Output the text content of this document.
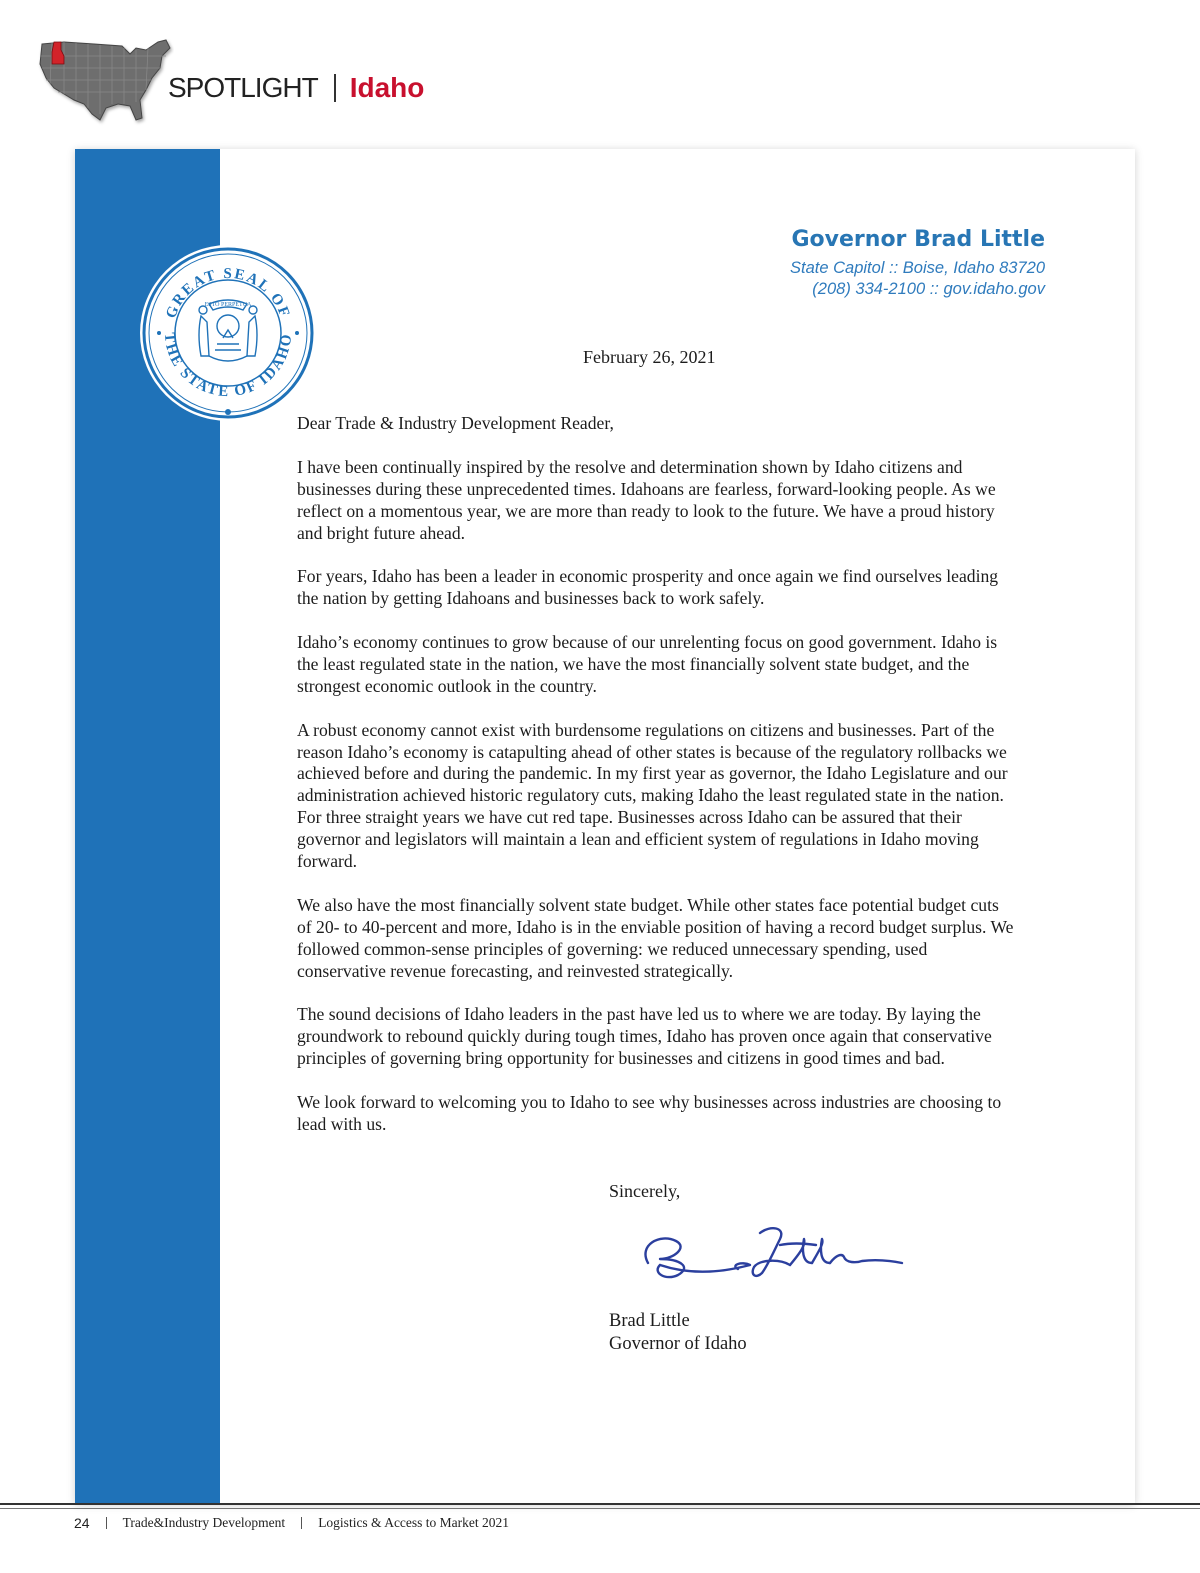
SPOTLIGHT Idaho
GREAT SEAL OF
THE STATE OF IDAHO
ESTO PERPETUA
Governor Brad Little
State Capitol :: Boise, Idaho 83720
(208) 334-2100 :: gov.idaho.gov
February 26, 2021

Dear Trade & Industry Development Reader,

I have been continually inspired by the resolve and determination shown by Idaho citizens and businesses during these unprecedented times. Idahoans are fearless, forward-looking people. As we reflect on a momentous year, we are more than ready to look to the future. We have a proud history and bright future ahead.

For years, Idaho has been a leader in economic prosperity and once again we find ourselves leading the nation by getting Idahoans and businesses back to work safely.

Idaho’s economy continues to grow because of our unrelenting focus on good government. Idaho is the least regulated state in the nation, we have the most financially solvent state budget, and the strongest economic outlook in the country.

A robust economy cannot exist with burdensome regulations on citizens and businesses. Part of the reason Idaho’s economy is catapulting ahead of other states is because of the regulatory rollbacks we achieved before and during the pandemic. In my first year as governor, the Idaho Legislature and our administration achieved historic regulatory cuts, making Idaho the least regulated state in the nation. For three straight years we have cut red tape. Businesses across Idaho can be assured that their governor and legislators will maintain a lean and efficient system of regulations in Idaho moving forward.

We also have the most financially solvent state budget. While other states face potential budget cuts of 20- to 40-percent and more, Idaho is in the enviable position of having a record budget surplus. We followed common-sense principles of governing: we reduced unnecessary spending, used conservative revenue forecasting, and reinvested strategically.

The sound decisions of Idaho leaders in the past have led us to where we are today. By laying the groundwork to rebound quickly during tough times, Idaho has proven once again that conservative principles of governing bring opportunity for businesses and citizens in good times and bad.

We look forward to welcoming you to Idaho to see why businesses across industries are choosing to lead with us.

Sincerely,
Brad Little
Governor of Idaho
24 Trade&Industry Development Logistics & Access to Market 2021
